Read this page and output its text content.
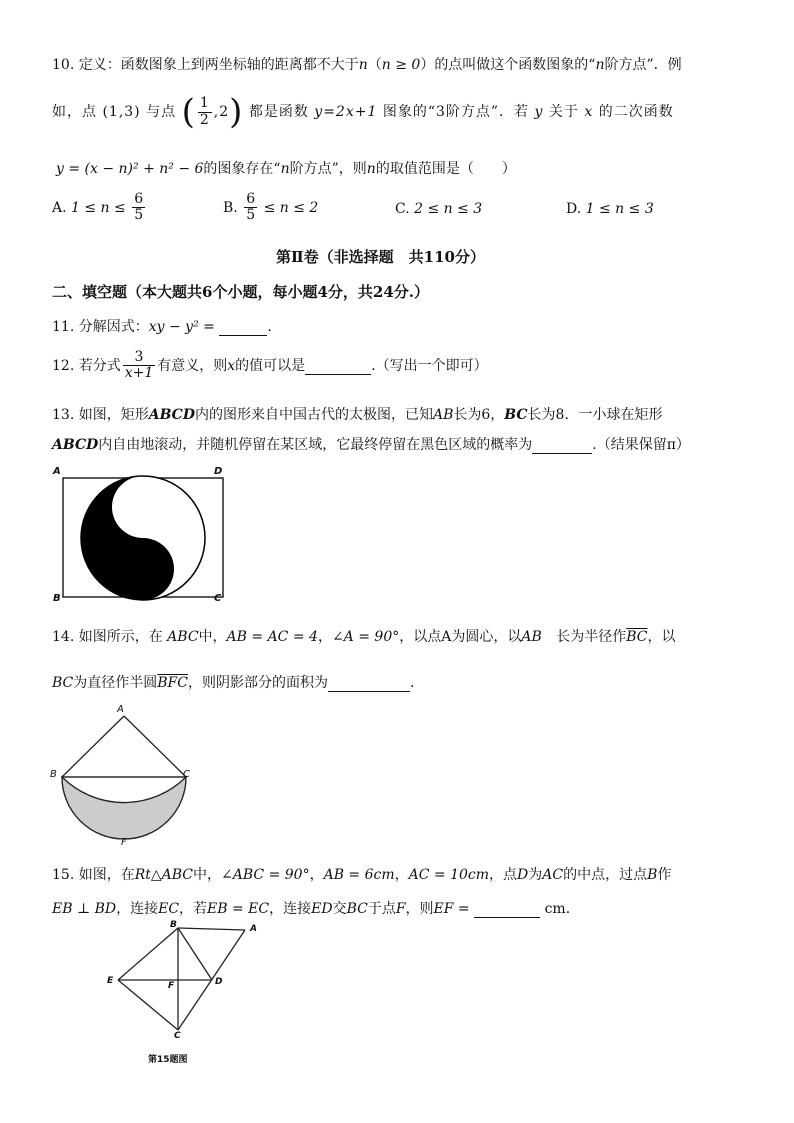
10. 定义：函数图象上到两坐标轴的距离都不大于n（n ≥ 0）的点叫做这个函数图象的“n阶方点”．例
如，点 (1,3) 与点 ( $\frac{1}{2} ,2$) 都是函数 y=2x+1 图象的“3阶方点”．若 y 关于 x 的二次函数
y = (x − n)² + n² − 6的图象存在“n阶方点”，则n的取值范围是（　　）
A. $1 \le n \le \frac{6}{5}$	B. $\frac{6}{5} \le n \le 2$	C. 2 ≤ n ≤ 3	D. 1 ≤ n ≤ 3
第Ⅱ卷（非选择题　共110分）
二、填空题（本大题共6个小题，每小题4分，共24分.）
11. 分解因式：xy − y² =	.
12. 若分式 $\frac{3}{x+1}$ 有意义，则x的值可以是	.（写出一个即可）
13. 如图，矩形ABCD内的图形来自中国古代的太极图，已知AB长为6，BC长为8．一小球在矩形
ABCD内自由地滚动，并随机停留在某区域，它最终停留在黑色区域的概率为	.（结果保留π）
A	D
B	C
14. 如图所示，在 ABC中，AB = AC = 4，∠A = 90°，以点A为圆心，以AB 长为半径作$\overline{BC}$，以
BC为直径作半圆$\overline{BFC}$，则阴影部分的面积为	.
A
B	C
F
15. 如图，在Rt△ABC中，∠ABC = 90°，AB = 6cm，AC = 10cm，点D为AC的中点，过点B作
EB ⊥ BD，连接EC，若EB = EC，连接ED交BC于点F，则EF =	cm.
B	A
E	F	D
C
第15题图
